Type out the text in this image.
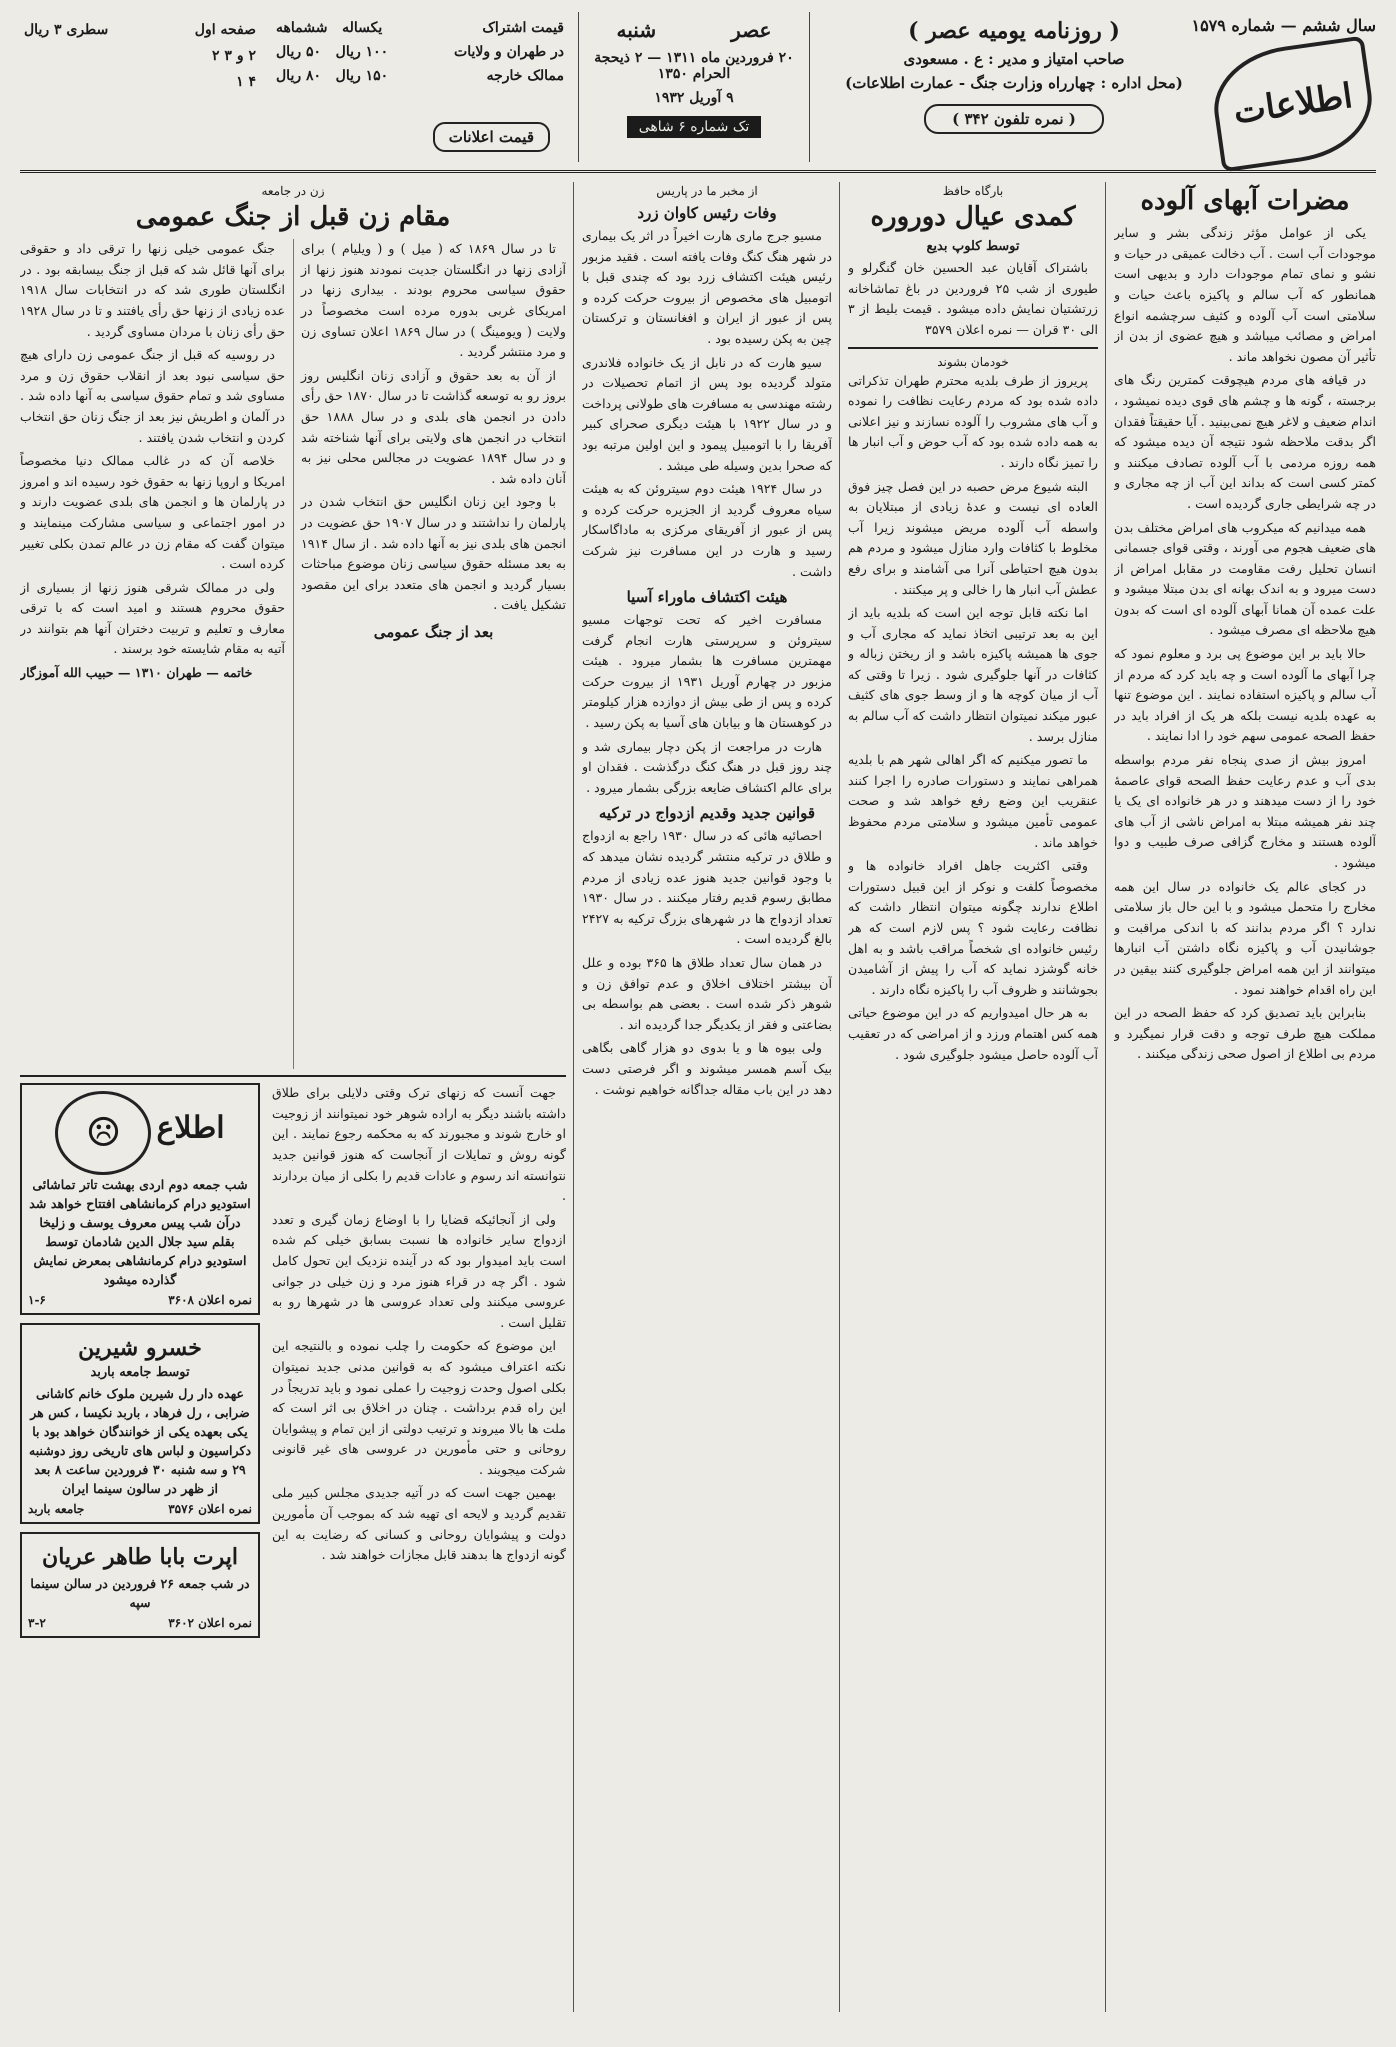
سال ششم — شماره ۱۵۷۹
اطلاعات
( روزنامه یومیه عصر )
صاحب امتیاز و مدیر : ع . مسعودی
(محل اداره : چهارراه وزارت جنگ - عمارت اطلاعات)
( نمره تلفون ۳۴۲ )
عصر
شنبه
۲۰ فروردین ماه ۱۳۱۱ — ۲ ذیحجة الحرام ۱۳۵۰
۹ آوریل ۱۹۳۲
تک شماره ۶ شاهی
قیمت اشتراک
یکساله   ششماهه
در طهران و ولایات
۱۰۰ ریال   ۵۰ ریال
ممالک خارجه
۱۵۰ ریال   ۸۰ ریال
قیمت اعلانات
صفحه اول
سطری ۳ ریال
۲ و ۳ ۲
۴ ۱
مضرات آبهای آلوده

یکی از عوامل مؤثر زندگی بشر و سایر موجودات آب است . آب دخالت عمیقی در حیات و نشو و نمای تمام موجودات دارد و بدیهی است همانطور که آب سالم و پاکیزه باعث حیات و سلامتی است آب آلوده و کثیف سرچشمه انواع امراض و مصائب میباشد و هیچ عضوی از بدن از تأثیر آن مصون نخواهد ماند .

در قیافه های مردم هیچوقت کمترین رنگ های برجسته ، گونه ها و چشم های قوی دیده نمیشود ، اندام ضعیف و لاغر هیچ نمی‌بینید . آیا حقیقتاً فقدان اگر بدقت ملاحظه شود نتیجه آن دیده میشود که همه روزه مردمی با آب آلوده تصادف میکنند و کمتر کسی است که بداند این آب از چه مجاری و در چه شرایطی جاری گردیده است .

همه میدانیم که میکروب های امراض مختلف بدن های ضعیف هجوم می آورند ، وقتی قوای جسمانی انسان تحلیل رفت مقاومت در مقابل امراض از دست میرود و به اندک بهانه ای بدن مبتلا میشود و علت عمده آن همانا آبهای آلوده ای است که بدون هیچ ملاحظه ای مصرف میشود .

حالا باید بر این موضوع پی برد و معلوم نمود که چرا آبهای ما آلوده است و چه باید کرد که مردم از آب سالم و پاکیزه استفاده نمایند . این موضوع تنها به عهده بلدیه نیست بلکه هر یک از افراد باید در حفظ الصحه عمومی سهم خود را ادا نمایند .

امروز بیش از صدی پنجاه نفر مردم بواسطه بدی آب و عدم رعایت حفظ الصحه قوای عاصمهٔ خود را از دست میدهند و در هر خانواده ای یک یا چند نفر همیشه مبتلا به امراض ناشی از آب های آلوده هستند و مخارج گزافی صرف طبیب و دوا میشود .

در کجای عالم یک خانواده در سال این همه مخارج را متحمل میشود و با این حال باز سلامتی ندارد ؟ اگر مردم بدانند که با اندکی مراقبت و جوشانیدن آب و پاکیزه نگاه داشتن آب انبارها میتوانند از این همه امراض جلوگیری کنند بیقین در این راه اقدام خواهند نمود .

بنابراین باید تصدیق کرد که حفظ الصحه در این مملکت هیچ طرف توجه و دقت قرار نمیگیرد و مردم بی اطلاع از اصول صحی زندگی میکنند .

بارگاه حافظ
کمدی عیال دوروره
توسط کلوپ بدیع

باشتراک آقایان عبد الحسین خان گنگرلو و طیوری از شب ۲۵ فروردین در باغ تماشاخانه زرتشتیان نمایش داده میشود . قیمت بلیط از ۳ الی ۳۰ قران — نمره اعلان ۳۵۷۹

خودمان بشوند

پریروز از طرف بلدیه محترم طهران تذکراتی داده شده بود که مردم رعایت نظافت را نموده و آب های مشروب را آلوده نسازند و نیز اعلانی به همه داده شده بود که آب حوض و آب انبار ها را تمیز نگاه دارند .

البته شیوع مرض حصبه در این فصل چیز فوق العاده ای نیست و عدهٔ زیادی از مبتلایان به واسطه آب آلوده مریض میشوند زیرا آب مخلوط با کثافات وارد منازل میشود و مردم هم بدون هیچ احتیاطی آنرا می آشامند و برای رفع عطش آب انبار ها را خالی و پر میکنند .

اما نکته قابل توجه این است که بلدیه باید از این به بعد ترتیبی اتخاذ نماید که مجاری آب و جوی ها همیشه پاکیزه باشد و از ریختن زباله و کثافات در آنها جلوگیری شود . زیرا تا وقتی که آب از میان کوچه ها و از وسط جوی های کثیف عبور میکند نمیتوان انتظار داشت که آب سالم به منازل برسد .

ما تصور میکنیم که اگر اهالی شهر هم با بلدیه همراهی نمایند و دستورات صادره را اجرا کنند عنقریب این وضع رفع خواهد شد و صحت عمومی تأمین میشود و سلامتی مردم محفوظ خواهد ماند .

وقتی اکثریت جاهل افراد خانواده ها و مخصوصاً کلفت و نوکر از این قبیل دستورات اطلاع ندارند چگونه میتوان انتظار داشت که نظافت رعایت شود ؟ پس لازم است که هر رئیس خانواده ای شخصاً مراقب باشد و به اهل خانه گوشزد نماید که آب را پیش از آشامیدن بجوشانند و ظروف آب را پاکیزه نگاه دارند .

به هر حال امیدواریم که در این موضوع حیاتی همه کس اهتمام ورزد و از امراضی که در تعقیب آب آلوده حاصل میشود جلوگیری شود .

از مخبر ما در پاریس
وفات رئیس کاوان زرد

مسیو جرج ماری هارت اخیراً در اثر یک بیماری در شهر هنگ کنگ وفات یافته است . فقید مزبور رئیس هیئت اکتشاف زرد بود که چندی قبل با اتومبیل های مخصوص از بیروت حرکت کرده و پس از عبور از ایران و افغانستان و ترکستان چین به پکن رسیده بود .

سیو هارت که در نابل از یک خانواده فلاندری متولد گردیده بود پس از اتمام تحصیلات در رشته مهندسی به مسافرت های طولانی پرداخت و در سال ۱۹۲۲ با هیئت دیگری صحرای کبیر آفریقا را با اتومبیل پیمود و این اولین مرتبه بود که صحرا بدین وسیله طی میشد .

در سال ۱۹۲۴ هیئت دوم سیتروئن که به هیئت سیاه معروف گردید از الجزیره حرکت کرده و پس از عبور از آفریقای مرکزی به ماداگاسکار رسید و هارت در این مسافرت نیز شرکت داشت .

هیئت اکتشاف ماوراء آسیا

مسافرت اخیر که تحت توجهات مسیو سیتروئن و سرپرستی هارت انجام گرفت مهمترین مسافرت ها بشمار میرود . هیئت مزبور در چهارم آوریل ۱۹۳۱ از بیروت حرکت کرده و پس از طی بیش از دوازده هزار کیلومتر در کوهستان ها و بیابان های آسیا به پکن رسید .

هارت در مراجعت از پکن دچار بیماری شد و چند روز قبل در هنگ کنگ درگذشت . فقدان او برای عالم اکتشاف ضایعه بزرگی بشمار میرود .

قوانین جدید وقدیم ازدواج در ترکیه

احصائیه هائی که در سال ۱۹۳۰ راجع به ازدواج و طلاق در ترکیه منتشر گردیده نشان میدهد که با وجود قوانین جدید هنوز عده زیادی از مردم مطابق رسوم قدیم رفتار میکنند . در سال ۱۹۳۰ تعداد ازدواج ها در شهرهای بزرگ ترکیه به ۲۴۲۷ بالغ گردیده است .

در همان سال تعداد طلاق ها ۳۶۵ بوده و علل آن بیشتر اختلاف اخلاق و عدم توافق زن و شوهر ذکر شده است . بعضی هم بواسطه بی بضاعتی و فقر از یکدیگر جدا گردیده اند .

ولی بیوه ها و یا بدوی دو هزار گاهی بگاهی بیک آسم همسر میشوند و اگر فرصتی دست دهد در این باب مقاله جداگانه خواهیم نوشت .

زن در جامعه
مقام زن قبل از جنگ عمومی

تا در سال ۱۸۶۹ که ( میل ) و ( ویلیام ) برای آزادی زنها در انگلستان جدیت نمودند هنوز زنها از حقوق سیاسی محروم بودند . بیداری زنها در امریکای غربی بدوره مرده است مخصوصاً در ولایت ( ویومینگ ) در سال ۱۸۶۹ اعلان تساوی زن و مرد منتشر گردید .

از آن به بعد حقوق و آزادی زنان انگلیس روز بروز رو به توسعه گذاشت تا در سال ۱۸۷۰ حق رأی دادن در انجمن های بلدی و در سال ۱۸۸۸ حق انتخاب در انجمن های ولایتی برای آنها شناخته شد و در سال ۱۸۹۴ عضویت در مجالس محلی نیز به آنان داده شد .

با وجود این زنان انگلیس حق انتخاب شدن در پارلمان را نداشتند و در سال ۱۹۰۷ حق عضویت در انجمن های بلدی نیز به آنها داده شد . از سال ۱۹۱۴ به بعد مسئله حقوق سیاسی زنان موضوع مباحثات بسیار گردید و انجمن های متعدد برای این مقصود تشکیل یافت .

بعد از جنگ عمومی

جنگ عمومی خیلی زنها را ترقی داد و حقوقی برای آنها قائل شد که قبل از جنگ بیسابقه بود . در انگلستان طوری شد که در انتخابات سال ۱۹۱۸ عده زیادی از زنها حق رأی یافتند و تا در سال ۱۹۲۸ حق رأی زنان با مردان مساوی گردید .

در روسیه که قبل از جنگ عمومی زن دارای هیچ حق سیاسی نبود بعد از انقلاب حقوق زن و مرد مساوی شد و تمام حقوق سیاسی به آنها داده شد . در آلمان و اطریش نیز بعد از جنگ زنان حق انتخاب کردن و انتخاب شدن یافتند .

خلاصه آن که در غالب ممالک دنیا مخصوصاً امریکا و اروپا زنها به حقوق خود رسیده اند و امروز در پارلمان ها و انجمن های بلدی عضویت دارند و در امور اجتماعی و سیاسی مشارکت مینمایند و میتوان گفت که مقام زن در عالم تمدن بکلی تغییر کرده است .

ولی در ممالک شرقی هنوز زنها از بسیاری از حقوق محروم هستند و امید است که با ترقی معارف و تعلیم و تربیت دختران آنها هم بتوانند در آتیه به مقام شایسته خود برسند .

خاتمه — طهران ۱۳۱۰ — حبیب الله آموزگار
اطلاع ☹
شب جمعه دوم اردی بهشت تاتر تماشائی استودیو درام کرمانشاهی افتتاح خواهد شد درآن شب پیس معروف یوسف و زلیخا بقلم سید جلال الدین شادمان توسط استودیو درام کرمانشاهی بمعرض نمایش گذارده میشود
نمره اعلان ۳۶۰۸
۱-۶
خسرو شیرین
توسط جامعه باربد
عهده دار رل شیرین ملوک خانم کاشانی ضرابی ، رل فرهاد ، باربد نکیسا ، کس هر یکی بعهده یکی از خوانندگان خواهد بود با دکراسیون و لباس های تاریخی روز دوشنبه ۲۹ و سه شنبه ۳۰ فروردین ساعت ۸ بعد از ظهر در سالون سینما ایران
نمره اعلان ۳۵۷۶
جامعه باربد
اپرت بابا طاهر عریان
در شب جمعه ۲۶ فروردین در سالن سینما سپه
نمره اعلان ۳۶۰۲
۳-۲

جهت آنست که زنهای ترک وقتی دلایلی برای طلاق داشته باشند دیگر به اراده شوهر خود نمیتوانند از زوجیت او خارج شوند و مجبورند که به محکمه رجوع نمایند . این گونه روش و تمایلات از آنجاست که هنوز قوانین جدید نتوانسته اند رسوم و عادات قدیم را بکلی از میان بردارند .

ولی از آنجائیکه قضایا را با اوضاع زمان گیری و تعدد ازدواج سایر خانواده ها نسبت بسابق خیلی کم شده است باید امیدوار بود که در آینده نزدیک این تحول کامل شود . اگر چه در قراء هنوز مرد و زن خیلی در جوانی عروسی میکنند ولی تعداد عروسی ها در شهرها رو به تقلیل است .

این موضوع که حکومت را چلب نموده و بالنتیجه این نکته اعتراف میشود که به قوانین مدنی جدید نمیتوان بکلی اصول وحدت زوجیت را عملی نمود و باید تدریجاً در این راه قدم برداشت . چنان در اخلاق بی اثر است که ملت ها بالا میروند و ترتیب دولتی از این تمام و پیشوایان روحانی و حتی مأمورین در عروسی های غیر قانونی شرکت میجویند .

بهمین جهت است که در آتیه جدیدی مجلس کبیر ملی تقدیم گردید و لایحه ای تهیه شد که بموجب آن مأمورین دولت و پیشوایان روحانی و کسانی که رضایت به این گونه ازدواج ها بدهند قابل مجازات خواهند شد .
